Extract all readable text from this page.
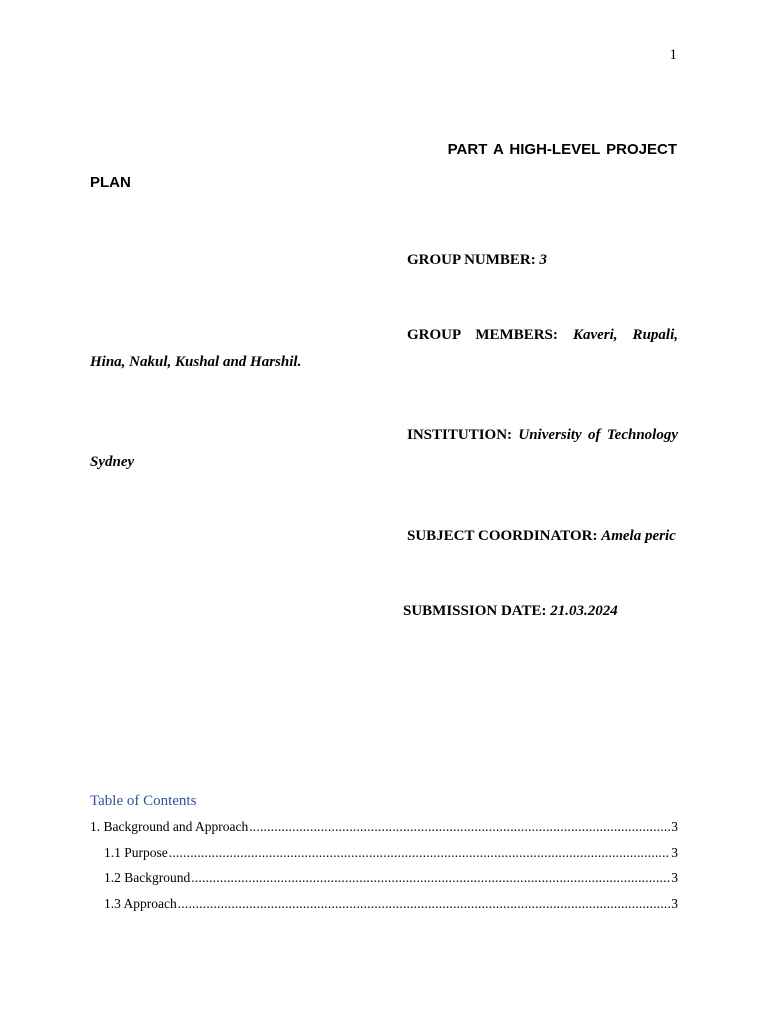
1
PART A HIGH-LEVEL PROJECT
PLAN
GROUP NUMBER: 3
GROUP MEMBERS: Kaveri, Rupali,
Hina, Nakul, Kushal and Harshil.
INSTITUTION: University of Technology
Sydney
SUBJECT COORDINATOR: Amela peric
SUBMISSION DATE: 21.03.2024
Table of Contents
1. Background and Approach .....	3
1.1 Purpose .....	3
1.2 Background .....	3
1.3 Approach .....	3
